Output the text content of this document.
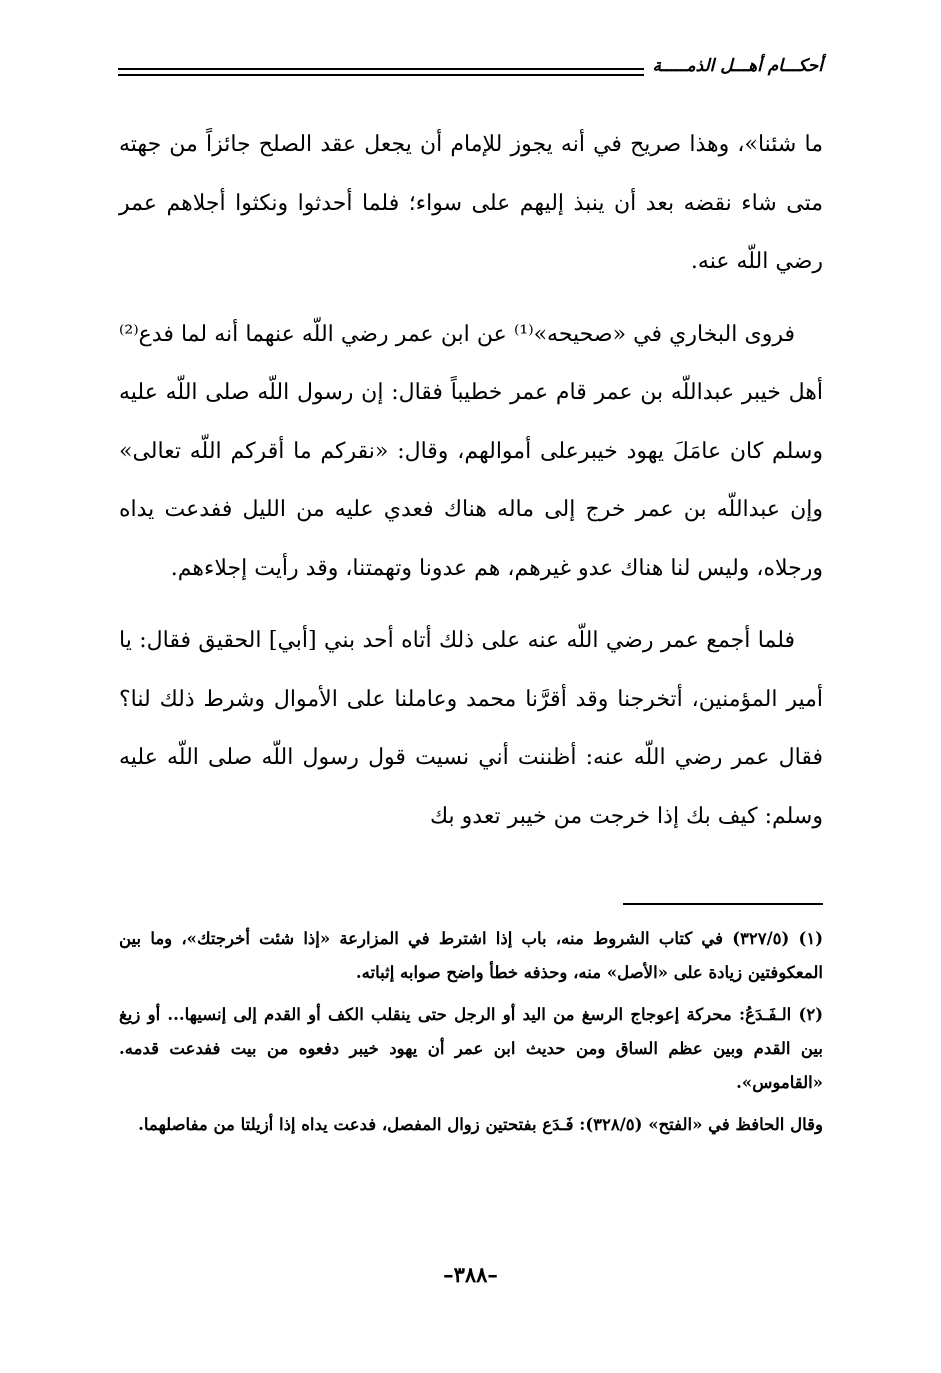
أحكـــام أهـــل الذمـــــة

ما شئنا»، وهذا صريح في أنه يجوز للإمام أن يجعل عقد الصلح جائزاً من جهته متى شاء نقضه بعد أن ينبذ إليهم على سواء؛ فلما أحدثوا ونكثوا أجلاهم عمر رضي اللّه عنه.

فروى البخاري في «صحيحه»⁽¹⁾ عن ابن عمر رضي اللّه عنهما أنه لما فدع⁽²⁾ أهل خيبر عبداللّه بن عمر قام عمر خطيباً فقال: إن رسول اللّه صلى اللّه عليه وسلم كان عامَلَ يهود خيبرعلى أموالهم، وقال: «نقركم ما أقركم اللّه تعالى» وإن عبداللّه بن عمر خرج إلى ماله هناك فعدي عليه من الليل ففدعت يداه ورجلاه، وليس لنا هناك عدو غيرهم، هم عدونا وتهمتنا، وقد رأيت إجلاءهم.

فلما أجمع عمر رضي اللّه عنه على ذلك أتاه أحد بني [أبي] الحقيق فقال: يا أمير المؤمنين، أتخرجنا وقد أقرَّنا محمد وعاملنا على الأموال وشرط ذلك لنا؟ فقال عمر رضي اللّه عنه: أظننت أني نسيت قول رسول اللّه صلى اللّه عليه وسلم: كيف بك إذا خرجت من خيبر تعدو بك

(١) (٣٢٧/٥) في كتاب الشروط منه، باب إذا اشترط في المزارعة «إذا شئت أخرجتك»، وما بين المعكوفتين زيادة على «الأصل» منه، وحذفه خطأ واضح صوابه إثباته.

(٢) الـفَـدَعُ: محركة إعوجاج الرسغ من اليد أو الرجل حتى ينقلب الكف أو القدم إلى إنسيها... أو زيغ بين القدم وبين عظم الساق ومن حديث ابن عمر أن يهود خيبر دفعوه من بيت ففدعت قدمه. «القاموس».

وقال الحافظ في «الفتح» (٣٢٨/٥): فَـدَع بفتحتين زوال المفصل، فدعت يداه إذا أزيلتا من مفاصلهما.

–٣٨٨–
